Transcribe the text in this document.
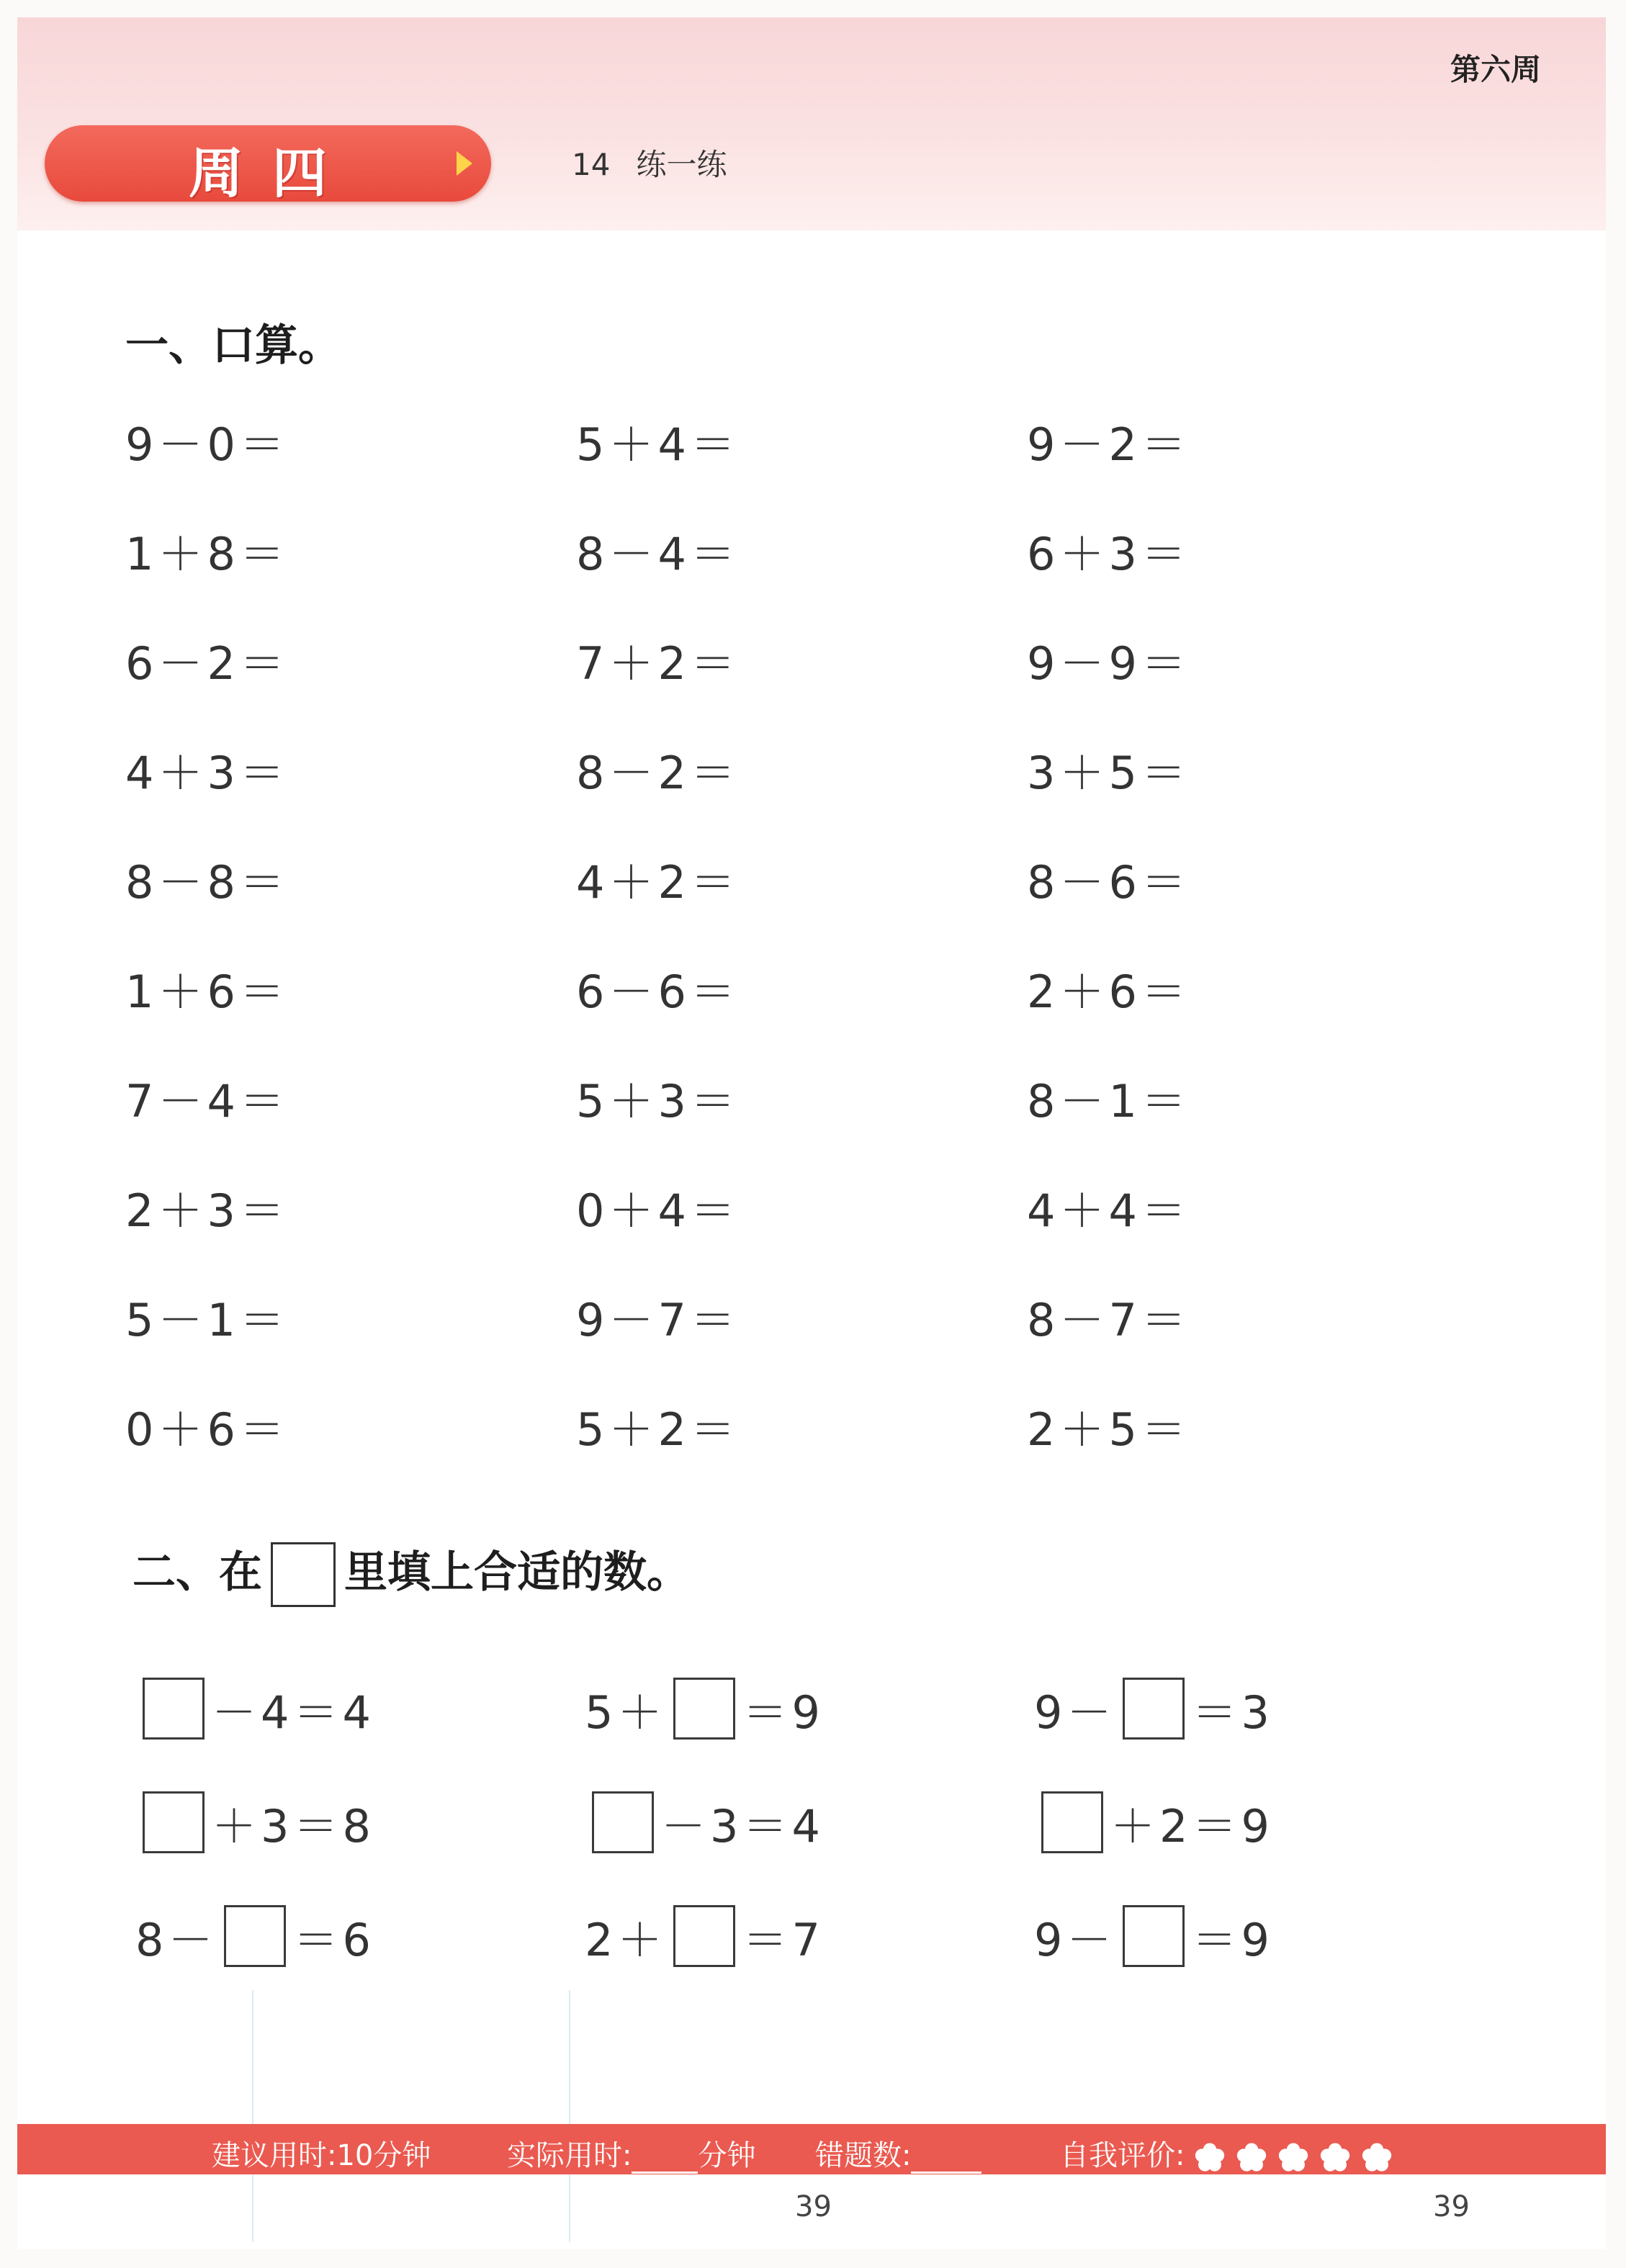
第六周
周四	14 练一练
一、口算。
9－0＝	5＋4＝	9－2＝
1＋8＝	8－4＝	6＋3＝
6－2＝	7＋2＝	9－9＝
4＋3＝	8－2＝	3＋5＝
8－8＝	4＋2＝	8－6＝
1＋6＝	6－6＝	2＋6＝
7－4＝	5＋3＝	8－1＝
2＋3＝	0＋4＝	4＋4＝
5－1＝	9－7＝	8－7＝
0＋6＝	5＋2＝	2＋5＝
二、在 里填上合适的数。
－4＝4	5＋ ＝9	9－ ＝3
＋3＝8	－3＝4	＋2＝9
8－ ＝6	2＋ ＝7	9－ ＝9
建议用时:10分钟	实际用时: 分钟 错题数:	自我评价:
39	39
